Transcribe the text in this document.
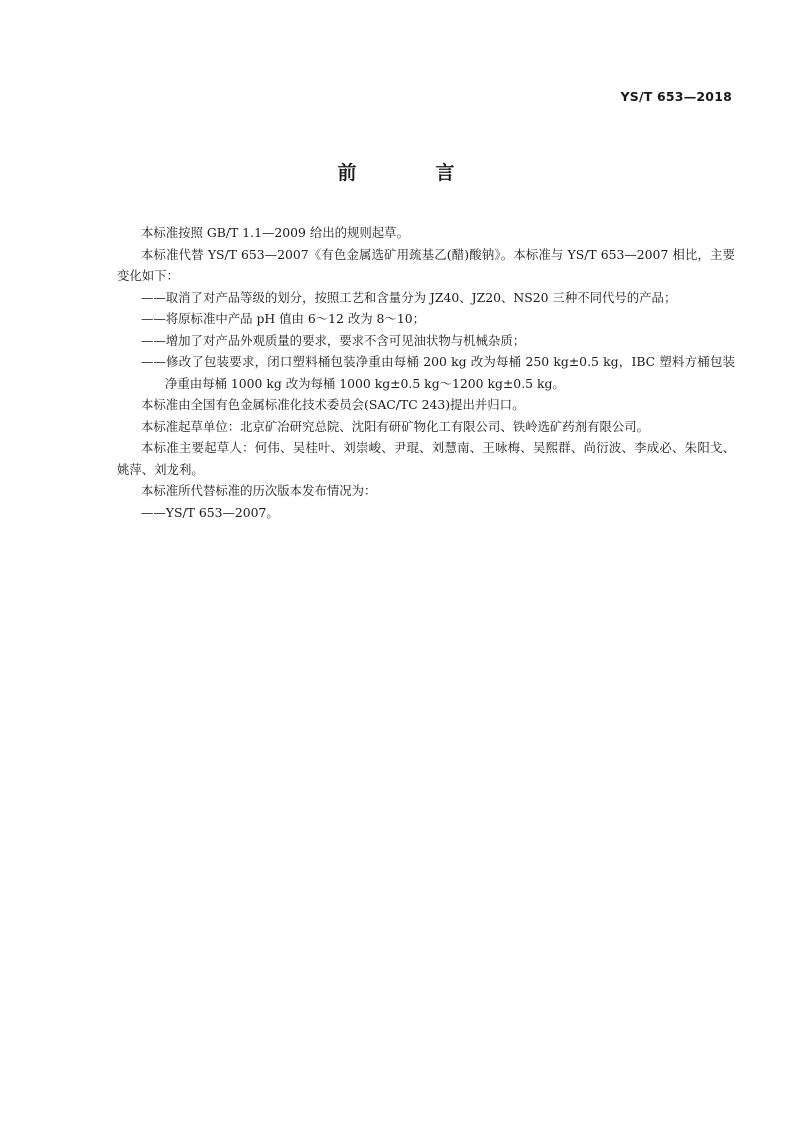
YS/T 653—2018
前　言

本标准按照 GB/T 1.1—2009 给出的规则起草。

本标准代替 YS/T 653—2007《有色金属选矿用巯基乙(醋)酸钠》。本标准与 YS/T 653—2007 相比，主要变化如下：

——取消了对产品等级的划分，按照工艺和含量分为 JZ40、JZ20、NS20 三种不同代号的产品；

——将原标准中产品 pH 值由 6～12 改为 8～10；

——增加了对产品外观质量的要求，要求不含可见油状物与机械杂质；

——修改了包装要求，闭口塑料桶包装净重由每桶 200 kg 改为每桶 250 kg±0.5 kg，IBC 塑料方桶包装净重由每桶 1000 kg 改为每桶 1000 kg±0.5 kg～1200 kg±0.5 kg。

本标准由全国有色金属标准化技术委员会(SAC/TC 243)提出并归口。

本标准起草单位：北京矿冶研究总院、沈阳有研矿物化工有限公司、铁岭选矿药剂有限公司。

本标准主要起草人：何伟、吴桂叶、刘崇峻、尹琨、刘慧南、王咏梅、吴熙群、尚衍波、李成必、朱阳戈、姚萍、刘龙利。

本标准所代替标准的历次版本发布情况为：

——YS/T 653—2007。
